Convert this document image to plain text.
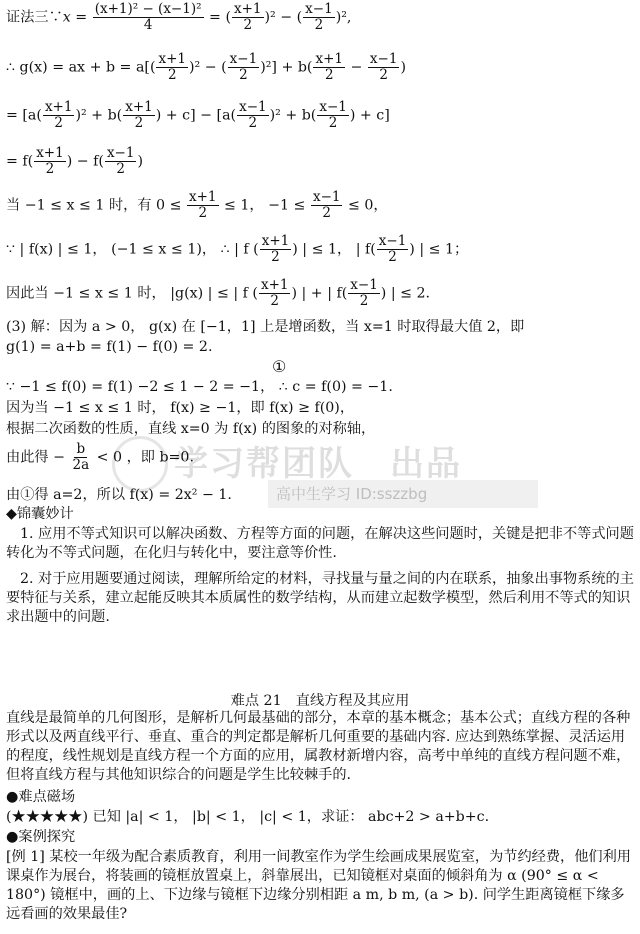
学习帮团队　出品
高中生学习 ID:sszzbg
证法三∵x = $\frac{\text{(x+1)² − (x−1)²}}{4}$ = ( $\frac{x+1}{2} )^2$ − ( $\frac{x-1}{2} )^2$,
∴ g(x) = ax + $b = a[( \frac{x+1}{2} )^2$ − ( $\frac{x-1}{2} )^2] + b( \frac{x+1}{2} - \frac{x-1}{2}$ )
= [$a( \frac{x+1}{2} )^2 + b( \frac{x+1}{2}$ ) + $c] - [a( \frac{x-1}{2} )^2 + b( \frac{x-1}{2}$ ) + c]
= $f( \frac{x+1}{2}$ ) − $f( \frac{x-1}{2}$ )
当 −1 ≤ x ≤ 1 时，有 $0 \le \frac{x+1}{2} \le 1$， $-1 \le \frac{x-1}{2} \le 0$，
∵ | f(x) | ≤ 1， (−1 ≤ x ≤ 1)， ∴ | f ( $\frac{x+1}{2}$ ) | ≤ 1， | $f( \frac{x-1}{2}$ ) | ≤ 1；
因此当 −1 ≤ x ≤ 1 时， |g(x) | ≤ | f ( $\frac{x+1}{2}$ ) | + | $f( \frac{x-1}{2}$ ) | ≤ 2.
(3) 解：因为 a > 0， g(x) 在 [−1，1] 上是增函数，当 x=1 时取得最大值 2，即
g(1) = a+b = f(1) − f(0) = 2.
①
∵ −1 ≤ f(0) = f(1) −2 ≤ 1 − 2 = −1， ∴ c = f(0) = −1.
因为当 −1 ≤ x ≤ 1 时， f(x) ≥ −1，即 f(x) ≥ f(0)，
根据二次函数的性质，直线 x=0 为 f(x) 的图象的对称轴，
由此得 − $\frac{b}{2a} < 0$ ，即 b=0.
由①得 a=2，所以 f(x) = 2x² − 1.
◆锦囊妙计
1. 应用不等式知识可以解决函数、方程等方面的问题，在解决这些问题时，关键是把非不等式问题转化为不等式问题，在化归与转化中，要注意等价性.
2. 对于应用题要通过阅读，理解所给定的材料，寻找量与量之间的内在联系，抽象出事物系统的主要特征与关系，建立起能反映其本质属性的数学结构，从而建立起数学模型，然后利用不等式的知识求出题中的问题.
难点 21　直线方程及其应用
直线是最简单的几何图形，是解析几何最基础的部分，本章的基本概念；基本公式；直线方程的各种形式以及两直线平行、垂直、重合的判定都是解析几何重要的基础内容. 应达到熟练掌握、灵活运用的程度，线性规划是直线方程一个方面的应用，属教材新增内容，高考中单纯的直线方程问题不难，但将直线方程与其他知识综合的问题是学生比较棘手的.
●难点磁场
(★★★★★) 已知 |a| < 1， |b| < 1， |c| < 1，求证： abc+2 > a+b+c.
●案例探究
[例 1] 某校一年级为配合素质教育，利用一间教室作为学生绘画成果展览室，为节约经费，他们利用课桌作为展台，将装画的镜框放置桌上，斜靠展出，已知镜框对桌面的倾斜角为 α (90° ≤ α < 180°) 镜框中，画的上、下边缘与镜框下边缘分别相距 a m, b m, (a > b). 问学生距离镜框下缘多远看画的效果最佳?
